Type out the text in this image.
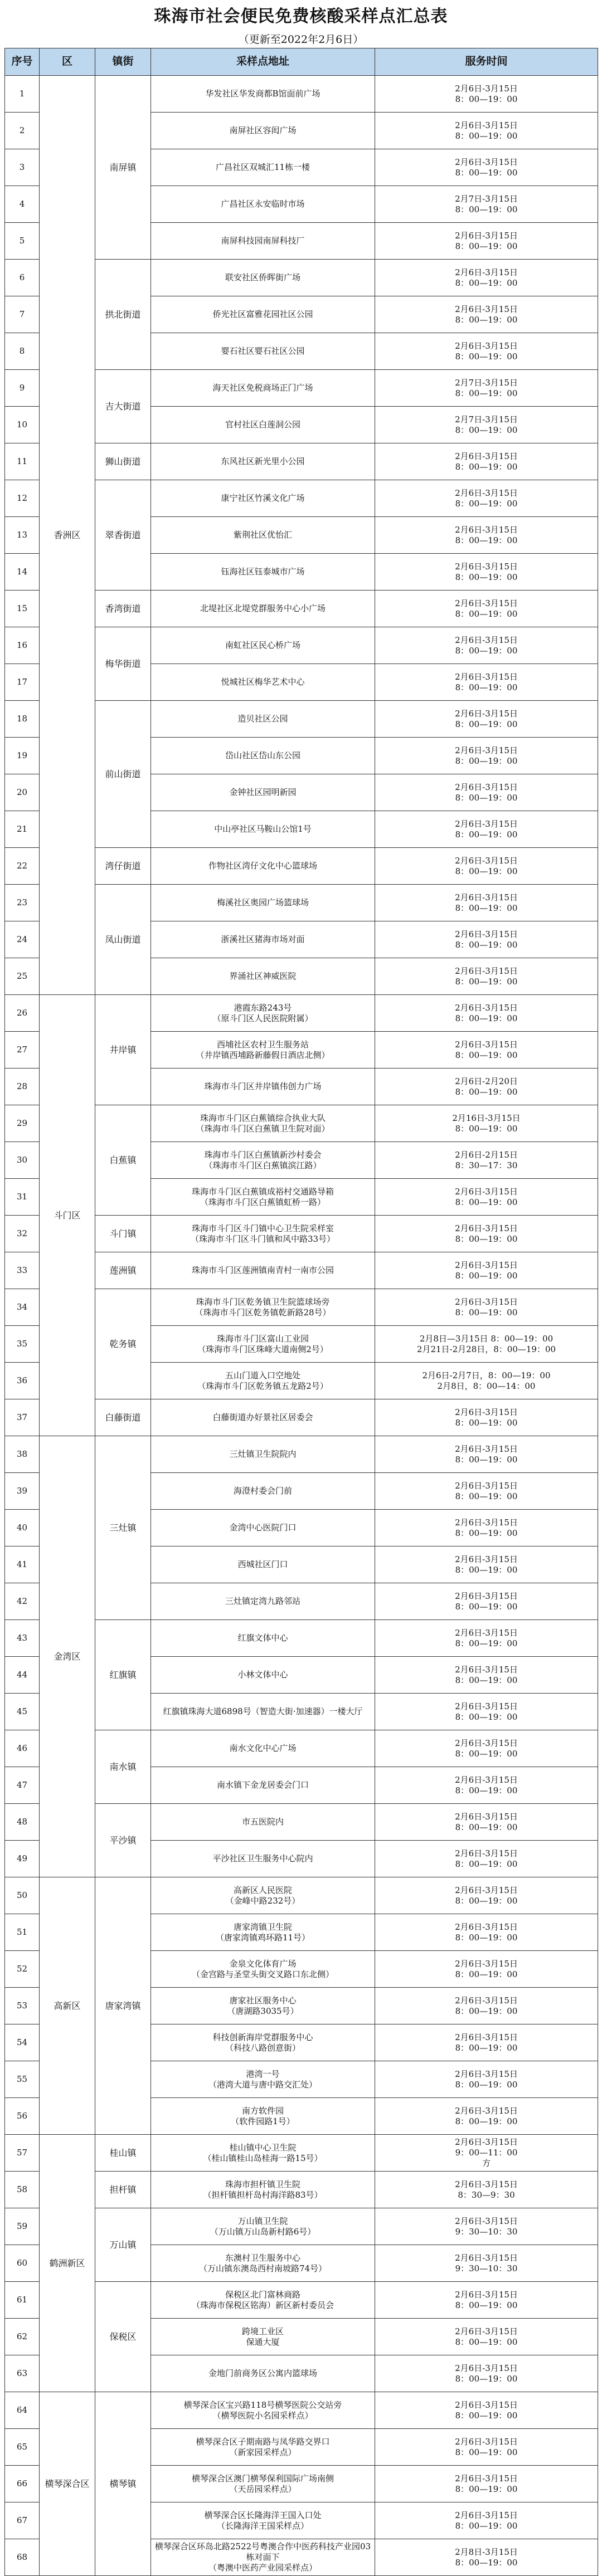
珠海市社会便民免费核酸采样点汇总表
（更新至2022年2月6日）
序号	区	镇街	采样点地址	服务时间
1	香洲区	南屏镇	华发社区华发商都B馆面前广场	2月6日-3月15日
8：00—19：00
2			南屏社区容闳广场	2月6日-3月15日
8：00—19：00
3			广昌社区双城汇11栋一楼	2月6日-3月15日
8：00—19：00
4			广昌社区永安临时市场	2月7日-3月15日
8：00—19：00
5			南屏科技园南屏科技厂	2月6日-3月15日
8：00—19：00
6		拱北街道	联安社区侨晖街广场	2月6日-3月15日
8：00—19：00
7			侨光社区富雅花园社区公园	2月6日-3月15日
8：00—19：00
8			婴石社区婴石社区公园	2月6日-3月15日
8：00—19：00
9		吉大街道	海天社区免税商场正门广场	2月7日-3月15日
8：00—19：00
10			官村社区白莲洞公园	2月7日-3月15日
8：00—19：00
11		狮山街道	东风社区新光里小公园	2月6日-3月15日
8：00—19：00
12		翠香街道	康宁社区竹溪文化广场	2月6日-3月15日
8：00—19：00
13			紫荆社区优怡汇	2月6日-3月15日
8：00—19：00
14			钰海社区钰泰城市广场	2月6日-3月15日
8：00—19：00
15		香湾街道	北堤社区北堤党群服务中心小广场	2月6日-3月15日
8：00—19：00
16		梅华街道	南虹社区民心桥广场	2月6日-3月15日
8：00—19：00
17			悦城社区梅华艺术中心	2月6日-3月15日
8：00—19：00
18		前山街道	造贝社区公园	2月6日-3月15日
8：00—19：00
19			岱山社区岱山东公园	2月6日-3月15日
8：00—19：00
20			金钟社区园明新园	2月6日-3月15日
8：00—19：00
21			中山亭社区马鞍山公馆1号	2月6日-3月15日
8：00—19：00
22		湾仔街道	作物社区湾仔文化中心篮球场	2月6日-3月15日
8：00—19：00
23		凤山街道	梅溪社区奥园广场篮球场	2月6日-3月15日
8：00—19：00
24			浙溪社区猪海市场对面	2月6日-3月15日
8：00—19：00
25			界涌社区神威医院	2月6日-3月15日
8：00—19：00
26	斗门区	井岸镇	港霞东路243号
（原斗门区人民医院附属）	2月6日-3月15日
8：00—19：00
27			西埔社区农村卫生服务站
（井岸镇西埔路新藤假日酒店北侧）	2月6日-3月15日
8：00—19：00
28			珠海市斗门区井岸镇伟创力广场	2月6日-2月20日
8：00—19：00
29		白蕉镇	珠海市斗门区白蕉镇综合执业大队
（珠海市斗门区白蕉镇卫生院对面）	2月16日-3月15日
8：00—19：00
30			珠海市斗门区白蕉镇新沙村委会
（珠海市斗门区白蕉镇滨江路）	2月6日-2月15日
8：30—17：30
31			珠海市斗门区白蕉镇成裕村交通路导箱
（珠海市斗门区白蕉镇虹桥一路）	2月6日-3月15日
8：00—19：00
32		斗门镇	珠海市斗门区斗门镇中心卫生院采样室
（珠海市斗门区斗门镇和风中路33号）	2月6日-3月15日
8：00—19：00
33		莲洲镇	珠海市斗门区莲洲镇南青村一南市公园	2月6日-3月15日
8：00—19：00
34		乾务镇	珠海市斗门区乾务镇卫生院篮球场旁
（珠海市斗门区乾务镇乾新路28号）	2月6日-3月15日
8：00—19：00
35			珠海市斗门区富山工业园
（珠海市斗门区珠峰大道南侧2号）	2月8日—3月15日 8：00—19：00
2月21日-2月28日，8：00—19：00
36			五山门道入口空地处
（珠海市斗门区乾务镇五龙路2号）	2月6日-2月7日，8：00—19：00
2月8日，8：00—14：00
37		白藤街道	白藤街道办好景社区居委会	2月6日-3月15日
8：00—19：00
38	金湾区	三灶镇	三灶镇卫生院院内	2月6日-3月15日
8：00—19：00
39			海澄村委会门前	2月6日-3月15日
8：00—19：00
40			金湾中心医院门口	2月6日-3月15日
8：00—19：00
41			西城社区门口	2月6日-3月15日
8：00—19：00
42			三灶镇定湾九路邻站	2月6日-3月15日
8：00—19：00
43		红旗镇	红旗文体中心	2月6日-3月15日
8：00—19：00
44			小林文体中心	2月6日-3月15日
8：00—19：00
45			红旗镇珠海大道6898号（智造大街·加速器）一楼大厅	2月6日-3月15日
8：00—19：00
46		南水镇	南水文化中心广场	2月6日-3月15日
8：00—19：00
47			南水镇下金龙居委会门口	2月6日-3月15日
8：00—19：00
48		平沙镇	市五医院内	2月6日-3月15日
8：00—19：00
49			平沙社区卫生服务中心院内	2月6日-3月15日
8：00—19：00
50	高新区	唐家湾镇	高新区人民医院
（金峰中路232号）	2月6日-3月15日
8：00—19：00
51			唐家湾镇卫生院
（唐家湾镇鸡环路11号）	2月6日-3月15日
8：00—19：00
52			金泉文化体育广场
（金宫路与圣堂头街交叉路口东北侧）	2月6日-3月15日
8：00—19：00
53			唐家社区服务中心
（唐湖路3035号）	2月6日-3月15日
8：00—19：00
54			科技创新海岸党群服务中心
（科技八路创意街）	2月6日-3月15日
8：00—19：00
55			港湾一号
（港湾大道与唐中路交汇处）	2月6日-3月15日
8：00—19：00
56			南方软件园
（软件园路1号）	2月6日-3月15日
8：00—19：00
57	鹤洲新区	桂山镇	桂山镇中心卫生院
（桂山镇桂山岛桂海一路15号）	2月6日-3月15日
9：00—11：00
方
58		担杆镇	珠海市担杆镇卫生院
（担杆镇担杆岛村海洋路83号）	2月6日-3月15日
8：30—9：30
59		万山镇	万山镇卫生院
（万山镇万山岛新村路6号）	2月6日-3月15日
9：30—10：30
60			东澳村卫生服务中心
（万山镇东澳岛西村南坡路74号）	2月6日-3月15日
9：30—10：30
61		保税区	保税区北门富林商路
（珠海市保税区铭海）新区新村委员会	2月6日-3月15日
8：00—19：00
62			跨境工业区
保通大厦	2月6日-3月15日
8：00—19：00
63			金地门前商务区公寓内篮球场	2月6日-3月15日
8：00—19：00
64	横琴深合区	横琴镇	横琴深合区宝兴路118号横琴医院公交站旁
（横琴医院小名园采样点）	2月6日-3月15日
8：00—19：00
65			横琴深合区子期南路与凤华路交界口
（新家园采样点）	2月6日-3月15日
8：00—19：00
66			横琴深合区澳门横琴保利国际广场南侧
（天岳园采样点）	2月6日-3月15日
8：00—19：00
67			横琴深合区长隆海洋王国入口处
（长隆海洋王国采样点）	2月6日-3月15日
8：00—19：00
68			横琴深合区环岛北路2522号粤澳合作中医药科技产业园03栋对面下
（粤澳中医药产业园采样点）	2月8日-3月15日
8：00—19：00
